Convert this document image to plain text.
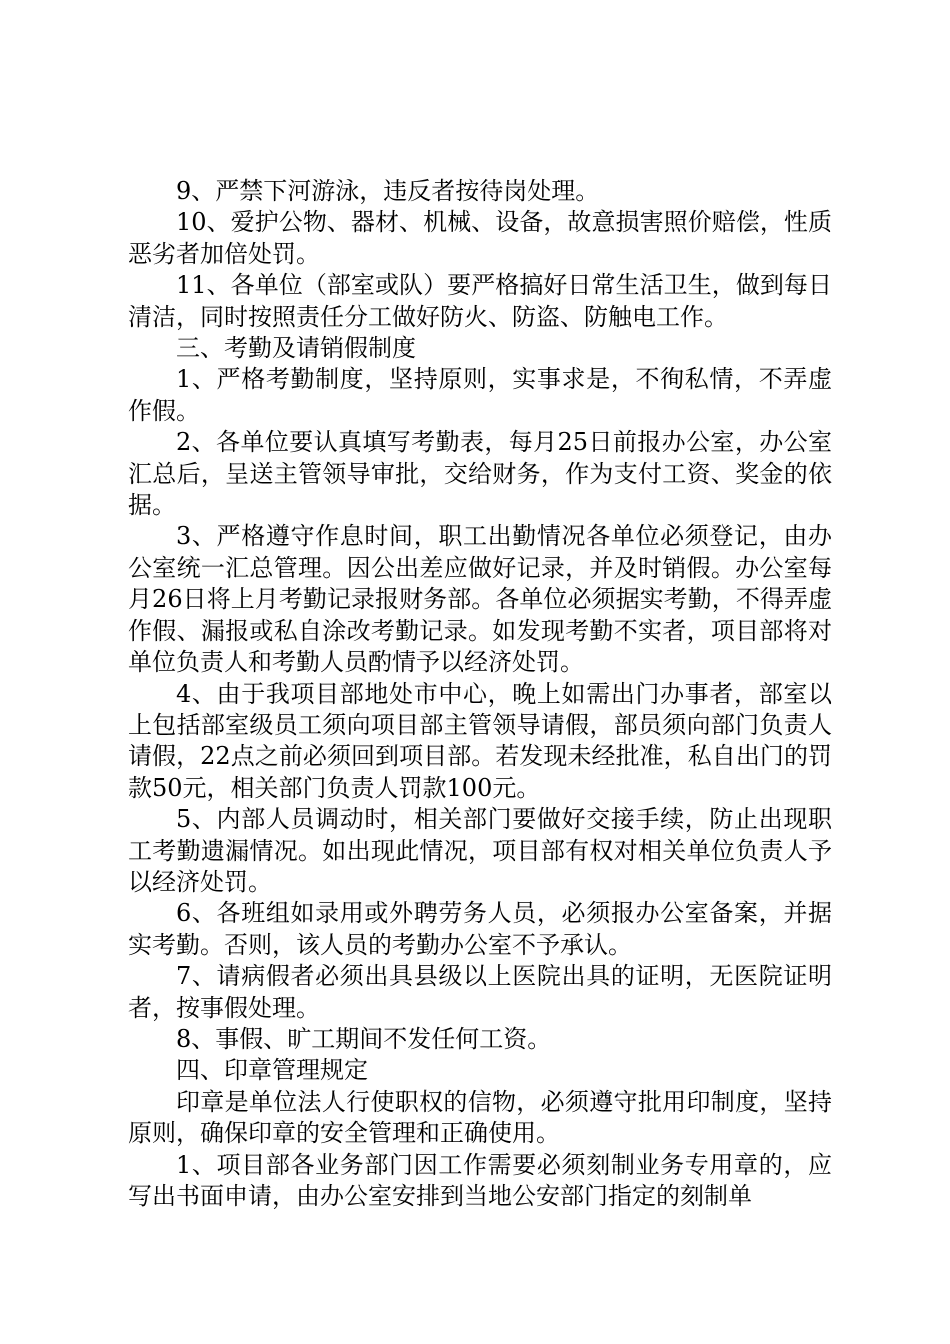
9、严禁下河游泳，违反者按待岗处理。

10、爱护公物、器材、机械、设备，故意损害照价赔偿，性质恶劣者加倍处罚。

11、各单位（部室或队）要严格搞好日常生活卫生，做到每日清洁，同时按照责任分工做好防火、防盗、防触电工作。

三、考勤及请销假制度

1、严格考勤制度，坚持原则，实事求是，不徇私情，不弄虚作假。

2、各单位要认真填写考勤表，每月25日前报办公室，办公室汇总后，呈送主管领导审批，交给财务，作为支付工资、奖金的依据。

3、严格遵守作息时间，职工出勤情况各单位必须登记，由办公室统一汇总管理。因公出差应做好记录，并及时销假。办公室每月26日将上月考勤记录报财务部。各单位必须据实考勤，不得弄虚作假、漏报或私自涂改考勤记录。如发现考勤不实者，项目部将对单位负责人和考勤人员酌情予以经济处罚。

4、由于我项目部地处市中心，晚上如需出门办事者，部室以上包括部室级员工须向项目部主管领导请假，部员须向部门负责人请假，22点之前必须回到项目部。若发现未经批准，私自出门的罚款50元，相关部门负责人罚款100元。

5、内部人员调动时，相关部门要做好交接手续，防止出现职工考勤遗漏情况。如出现此情况，项目部有权对相关单位负责人予以经济处罚。

6、各班组如录用或外聘劳务人员，必须报办公室备案，并据实考勤。否则，该人员的考勤办公室不予承认。

7、请病假者必须出具县级以上医院出具的证明，无医院证明者，按事假处理。

8、事假、旷工期间不发任何工资。

四、印章管理规定

印章是单位法人行使职权的信物，必须遵守批用印制度，坚持原则，确保印章的安全管理和正确使用。

1、项目部各业务部门因工作需要必须刻制业务专用章的，应写出书面申请，由办公室安排到当地公安部门指定的刻制单
